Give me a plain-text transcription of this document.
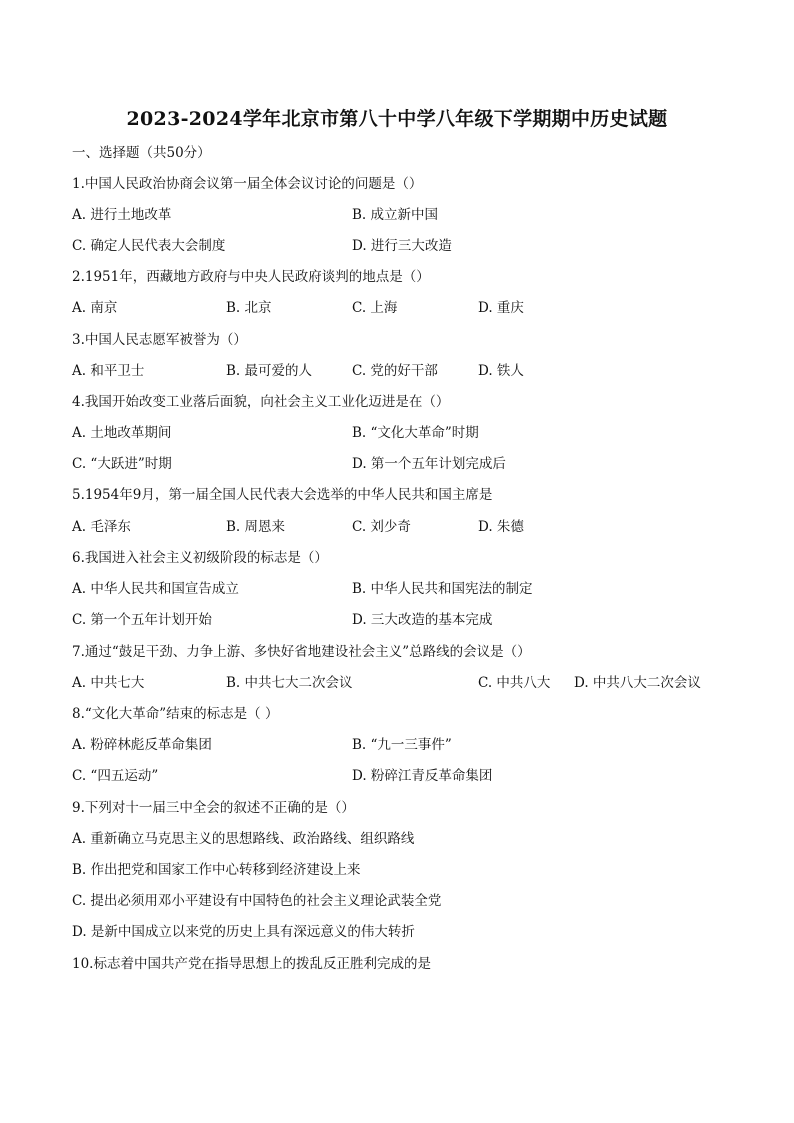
2023-2024学年北京市第八十中学八年级下学期期中历史试题
一、选择题（共50分）
1.中国人民政治协商会议第一届全体会议讨论的问题是（）
A. 进行土地改革	B. 成立新中国
C. 确定人民代表大会制度	D. 进行三大改造
2.1951年，西藏地方政府与中央人民政府谈判的地点是（）
A. 南京	B. 北京	C. 上海	D. 重庆
3.中国人民志愿军被誉为（）
A. 和平卫士	B. 最可爱的人	C. 党的好干部	D. 铁人
4.我国开始改变工业落后面貌，向社会主义工业化迈进是在（）
A. 土地改革期间	B. “文化大革命”时期
C. “大跃进”时期	D. 第一个五年计划完成后
5.1954年9月，第一届全国人民代表大会选举的中华人民共和国主席是
A. 毛泽东	B. 周恩来	C. 刘少奇	D. 朱德
6.我国进入社会主义初级阶段的标志是（）
A. 中华人民共和国宣告成立	B. 中华人民共和国宪法的制定
C. 第一个五年计划开始	D. 三大改造的基本完成
7.通过“鼓足干劲、力争上游、多快好省地建设社会主义”总路线的会议是（）
A. 中共七大	B. 中共七大二次会议	C. 中共八大 D. 中共八大二次会议
8.“文化大革命”结束的标志是（ ）
A. 粉碎林彪反革命集团	B. “九一三事件”
C. “四五运动”	D. 粉碎江青反革命集团
9.下列对十一届三中全会的叙述不正确的是（）
A. 重新确立马克思主义的思想路线、政治路线、组织路线
B. 作出把党和国家工作中心转移到经济建设上来
C. 提出必须用邓小平建设有中国特色的社会主义理论武装全党
D. 是新中国成立以来党的历史上具有深远意义的伟大转折
10.标志着中国共产党在指导思想上的拨乱反正胜利完成的是
